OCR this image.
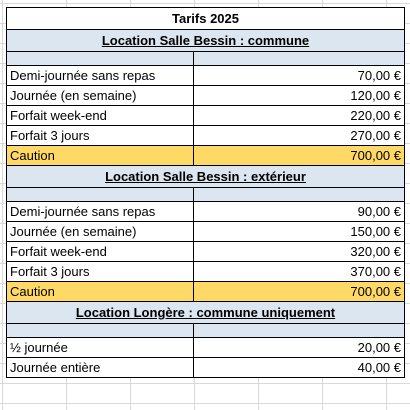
Tarifs 2025	
Location Salle Bessin : commune	

Demi-journée sans repas	70,00 €
Journée (en semaine)	120,00 €
Forfait week-end	220,00 €
Forfait 3 jours	270,00 €
Caution	700,00 €
Location Salle Bessin : extérieur	

Demi-journée sans repas	90,00 €
Journée (en semaine)	150,00 €
Forfait week-end	320,00 €
Forfait 3 jours	370,00 €
Caution	700,00 €
Location Longère : commune uniquement	

½ journée	20,00 €
Journée entière	40,00 €
